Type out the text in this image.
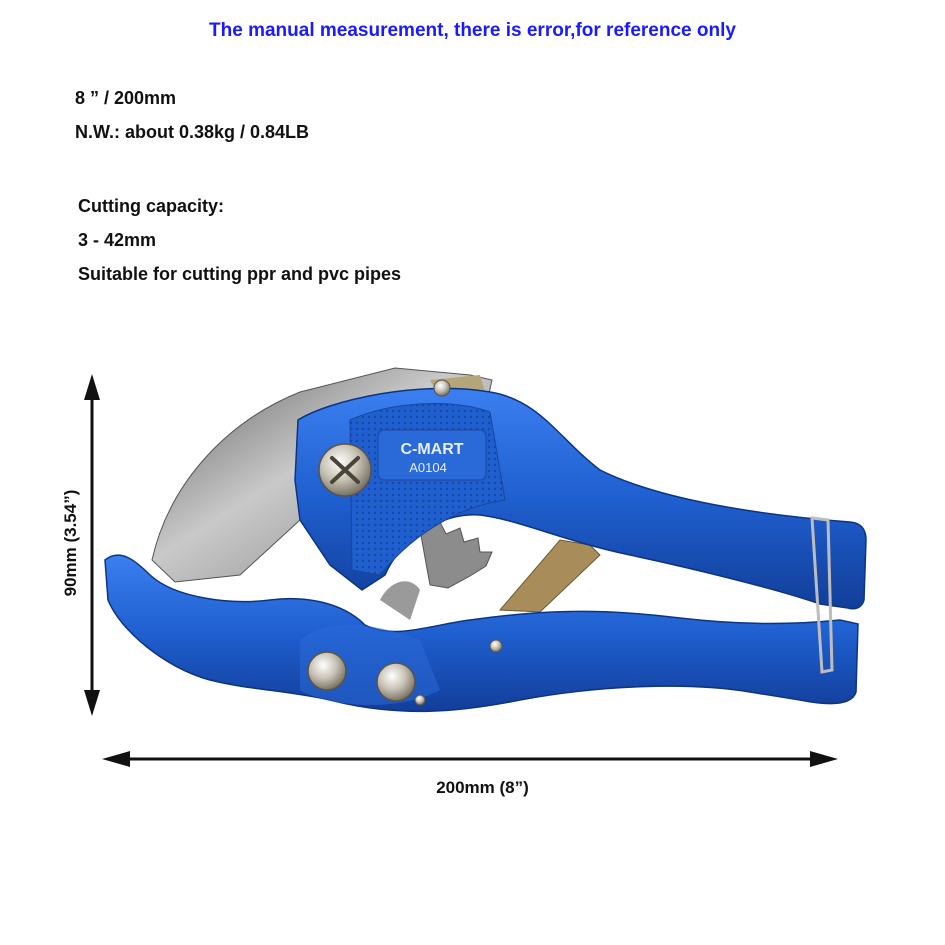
The manual measurement, there is error,for reference only
8 ” / 200mm
N.W.: about 0.38kg / 0.84LB
Cutting capacity:
3 - 42mm
Suitable for cutting ppr and pvc pipes
C-MART
A0104
200mm (8”)
90mm (3.54”)
